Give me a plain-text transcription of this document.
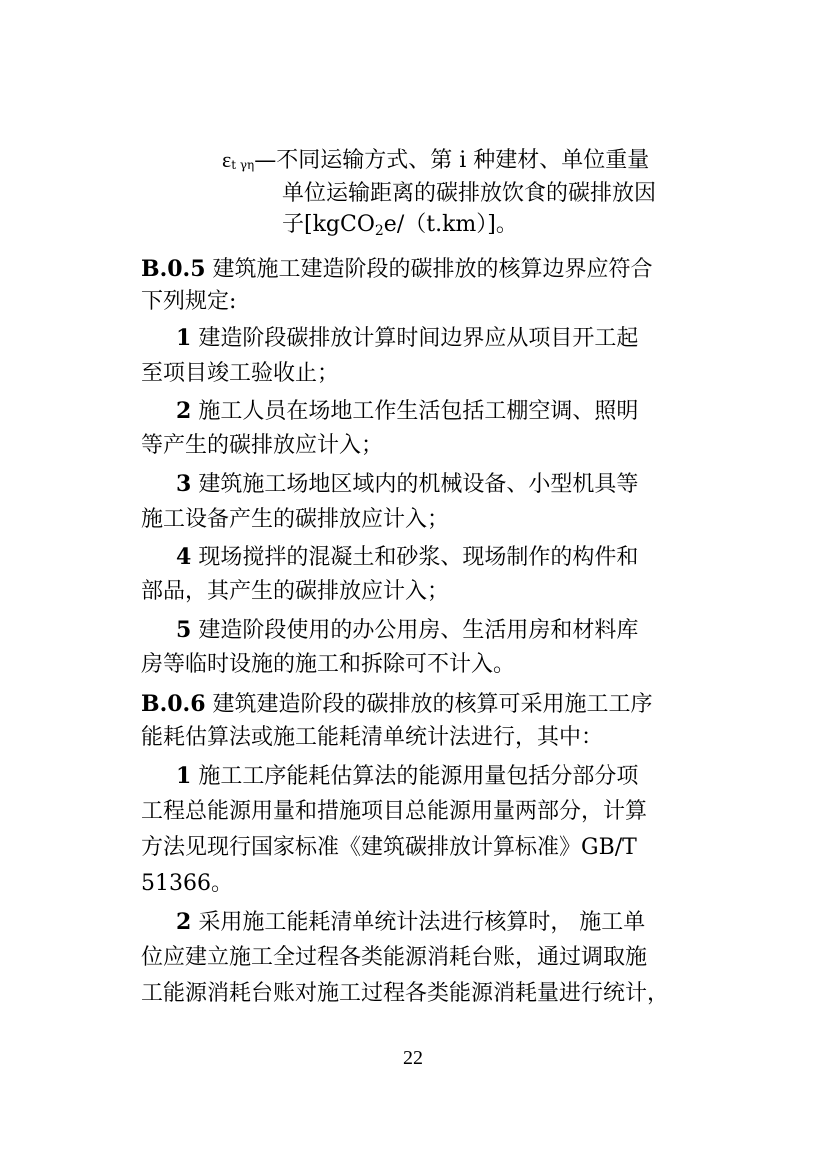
εt γη—不同运输方式、第 i 种建材、单位重量
单位运输距离的碳排放饮食的碳排放因
子[kgCO2e/（t.km）]。
B.0.5 建筑施工建造阶段的碳排放的核算边界应符合
下列规定:
1 建造阶段碳排放计算时间边界应从项目开工起
至项目竣工验收止；
2 施工人员在场地工作生活包括工棚空调、照明
等产生的碳排放应计入；
3 建筑施工场地区域内的机械设备、小型机具等
施工设备产生的碳排放应计入；
4 现场搅拌的混凝土和砂浆、现场制作的构件和
部品，其产生的碳排放应计入；
5 建造阶段使用的办公用房、生活用房和材料库
房等临时设施的施工和拆除可不计入。
B.0.6 建筑建造阶段的碳排放的核算可采用施工工序
能耗估算法或施工能耗清单统计法进行，其中：
1 施工工序能耗估算法的能源用量包括分部分项
工程总能源用量和措施项目总能源用量两部分，计算
方法见现行国家标准《建筑碳排放计算标准》GB/T
51366。
2 采用施工能耗清单统计法进行核算时， 施工单
位应建立施工全过程各类能源消耗台账，通过调取施
工能源消耗台账对施工过程各类能源消耗量进行统计，
22
